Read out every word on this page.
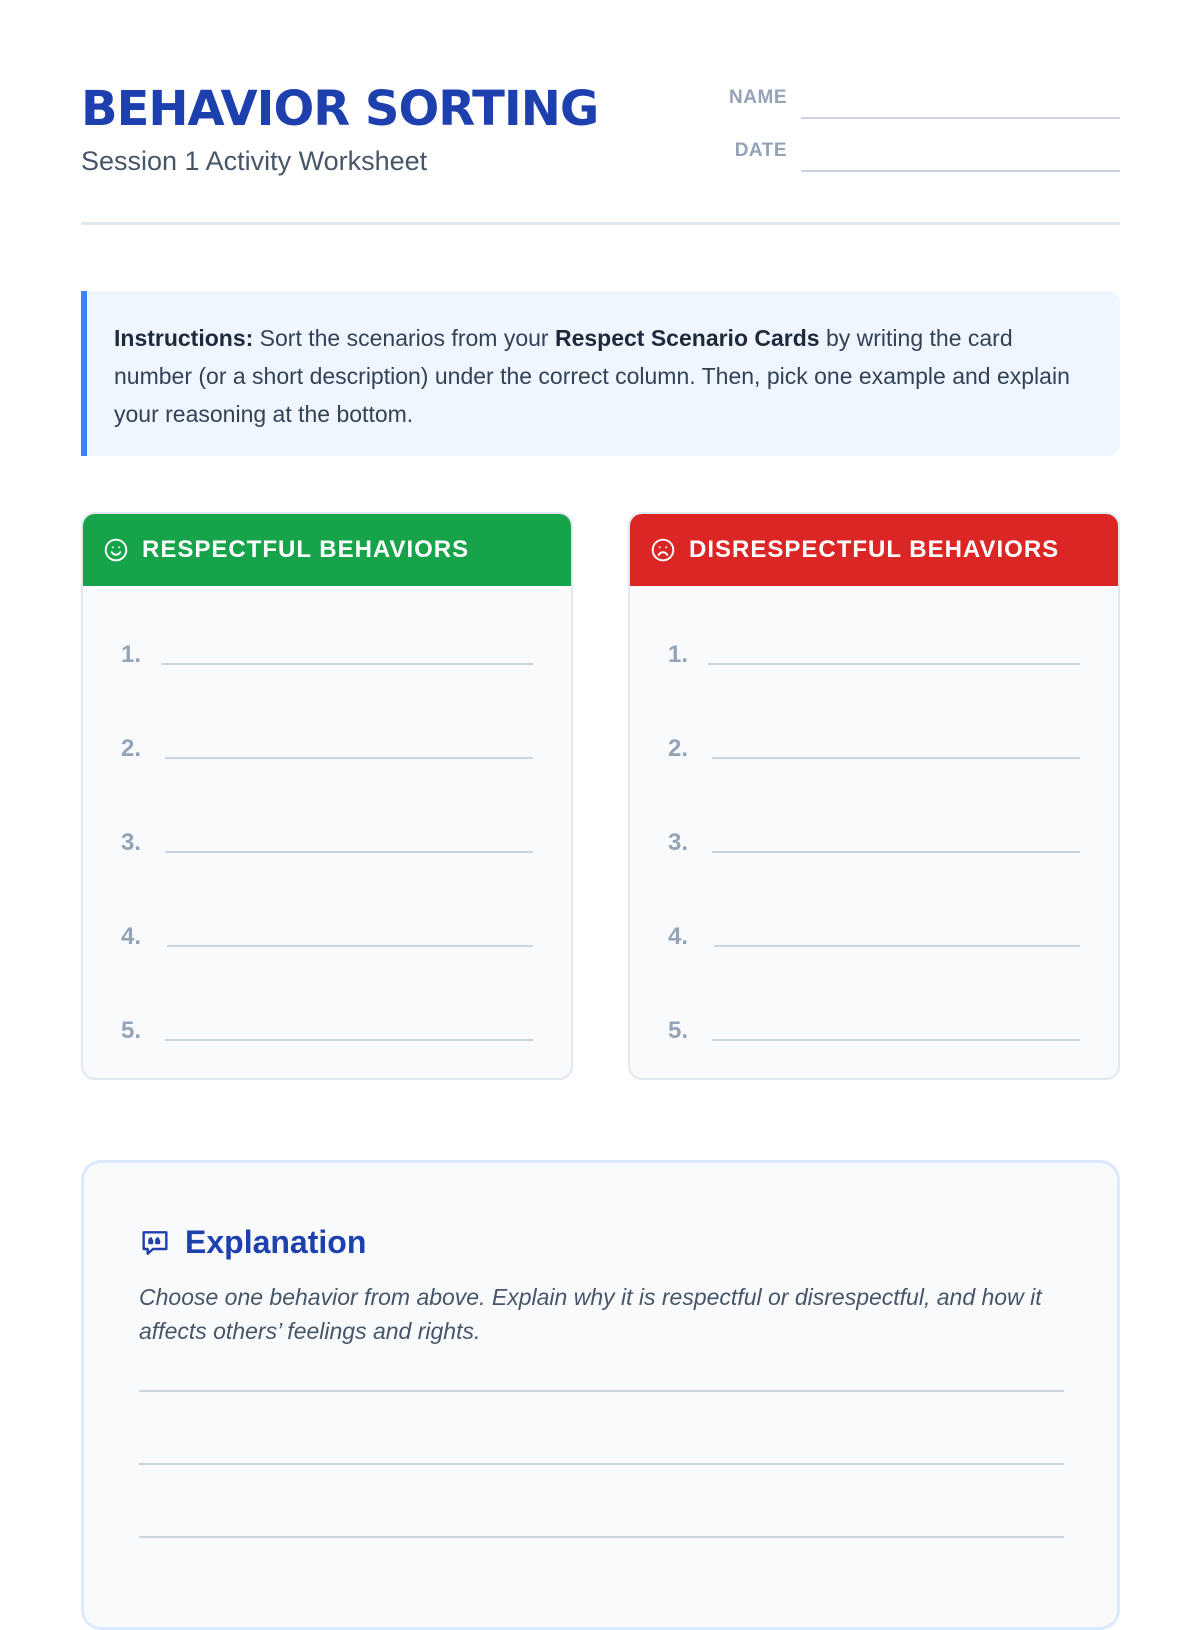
BEHAVIOR SORTING
Session 1 Activity Worksheet
NAME
DATE

Instructions: Sort the scenarios from your Respect Scenario Cards by writing the card number (or a short description) under the correct column. Then, pick one example and explain your reasoning at the bottom.

RESPECTFUL BEHAVIORS
1.
2.
3.
4.
5.
DISRESPECTFUL BEHAVIORS
1.
2.
3.
4.
5.
Explanation

Choose one behavior from above. Explain why it is respectful or disrespectful, and how it affects others’ feelings and rights.
